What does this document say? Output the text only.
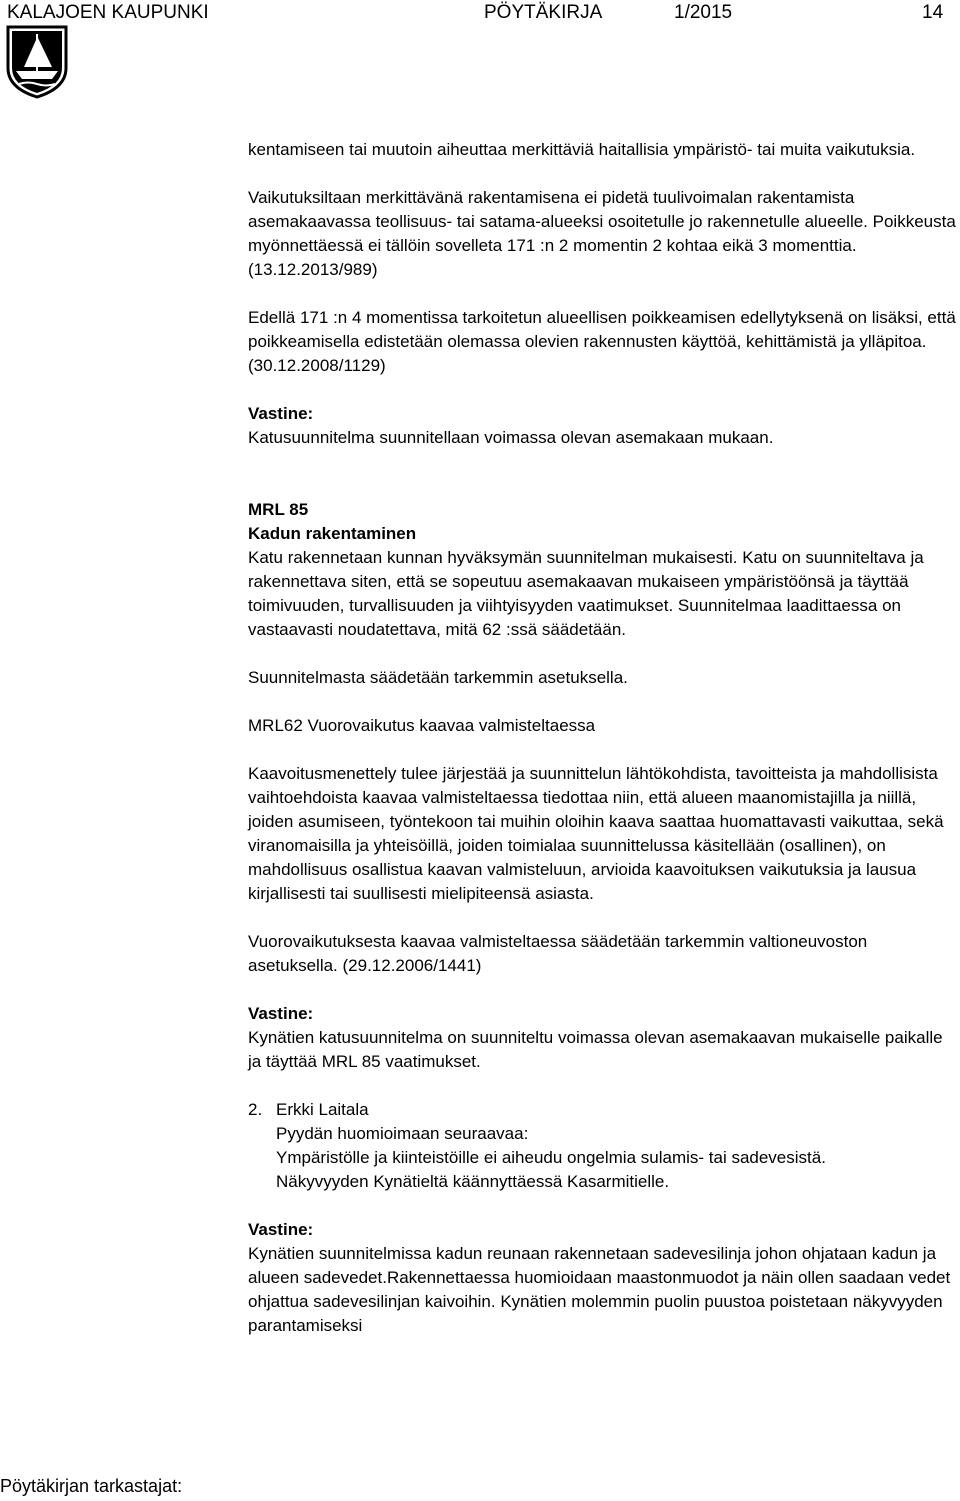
KALAJOEN KAUPUNKI	PÖYTÄKIRJA	1/2015	14

kentamiseen tai muutoin aiheuttaa merkittäviä haitallisia ympäristö- tai muita vaikutuksia.

Vaikutuksiltaan merkittävänä rakentamisena ei pidetä tuulivoimalan rakentamista asemakaavassa teollisuus- tai satama-alueeksi osoitetulle jo rakennetulle alueelle. Poikkeusta myönnettäessä ei tällöin sovelleta 171 :n 2 momentin 2 kohtaa eikä 3 momenttia. (13.12.2013/989)

Edellä 171 :n 4 momentissa tarkoitetun alueellisen poikkeamisen edellytyksenä on lisäksi, että poikkeamisella edistetään olemassa olevien rakennusten käyttöä, kehittämistä ja ylläpitoa. (30.12.2008/1129)

Vastine:

Katusuunnitelma suunnitellaan voimassa olevan asemakaan mukaan.

MRL 85

Kadun rakentaminen

Katu rakennetaan kunnan hyväksymän suunnitelman mukaisesti. Katu on suunniteltava ja rakennettava siten, että se sopeutuu asemakaavan mukaiseen ympäristöönsä ja täyttää toimivuuden, turvallisuuden ja viihtyisyyden vaatimukset. Suunnitelmaa laadittaessa on vastaavasti noudatettava, mitä 62 :ssä säädetään.

Suunnitelmasta säädetään tarkemmin asetuksella.

MRL62 Vuorovaikutus kaavaa valmisteltaessa

Kaavoitusmenettely tulee järjestää ja suunnittelun lähtökohdista, tavoitteista ja mahdollisista vaihtoehdoista kaavaa valmisteltaessa tiedottaa niin, että alueen maanomistajilla ja niillä, joiden asumiseen, työntekoon tai muihin oloihin kaava saattaa huomattavasti vaikuttaa, sekä viranomaisilla ja yhteisöillä, joiden toimialaa suunnittelussa käsitellään (osallinen), on mahdollisuus osallistua kaavan valmisteluun, arvioida kaavoituksen vaikutuksia ja lausua kirjallisesti tai suullisesti mielipiteensä asiasta.

Vuorovaikutuksesta kaavaa valmisteltaessa säädetään tarkemmin valtioneuvoston asetuksella. (29.12.2006/1441)

Vastine:

Kynätien katusuunnitelma on suunniteltu voimassa olevan asemakaavan mukaiselle paikalle ja täyttää MRL 85 vaatimukset.

2. Erkki Laitala

Pyydän huomioimaan seuraavaa:

Ympäristölle ja kiinteistöille ei aiheudu ongelmia sulamis- tai sadevesistä.

Näkyvyyden Kynätieltä käännyttäessä Kasarmitielle.

Vastine:

Kynätien suunnitelmissa kadun reunaan rakennetaan sadevesilinja johon ohjataan kadun ja alueen sadevedet.Rakennettaessa huomioidaan maastonmuodot ja näin ollen saadaan vedet ohjattua sadevesilinjan kaivoihin. Kynätien molemmin puolin puustoa poistetaan näkyvyyden parantamiseksi

Pöytäkirjan tarkastajat:
